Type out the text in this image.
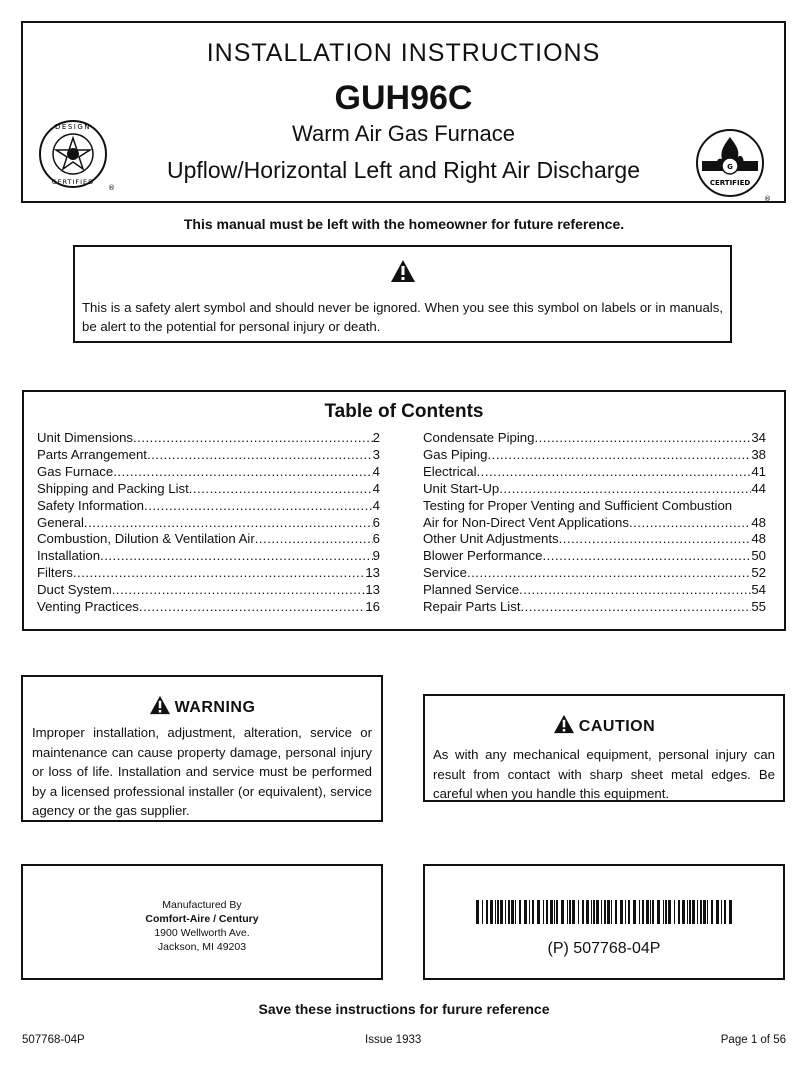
INSTALLATION INSTRUCTIONS
GUH96C
Warm Air Gas Furnace
Upflow/Horizontal Left and Right Air Discharge
DESIGN
CERTIFIED
®
G
CERTIFIED
®
This manual must be left with the homeowner for future reference.
This is a safety alert symbol and should never be ignored. When you see this symbol on labels or in manuals, be alert to the potential for personal injury or death.
Table of Contents
Unit Dimensions .....	2
Parts Arrangement .....	3
Gas Furnace .....	4
Shipping and Packing List .....	4
Safety Information .....	4
General .....	6
Combustion, Dilution & Ventilation Air .....	6
Installation .....	9
Filters .....	13
Duct System .....	13
Venting Practices .....	16
Condensate Piping .....	34
Gas Piping .....	38
Electrical .....	41
Unit Start-Up .....	44
Testing for Proper Venting and Sufficient Combustion
Air for Non-Direct Vent Applications .....	48
Other Unit Adjustments .....	48
Blower Performance .....	50
Service .....	52
Planned Service .....	54
Repair Parts List .....	55
WARNING
Improper installation, adjustment, alteration, service or maintenance can cause property damage, personal injury or loss of life. Installation and service must be performed by a licensed professional installer (or equivalent), service agency or the gas supplier.
CAUTION
As with any mechanical equipment, personal injury can result from contact with sharp sheet metal edges. Be careful when you handle this equipment.
Manufactured By
Comfort-Aire / Century
1900 Wellworth Ave.
Jackson, MI 49203	(P) 507768-04P
Save these instructions for furure reference
507768-04P	Issue 1933	Page 1 of 56
